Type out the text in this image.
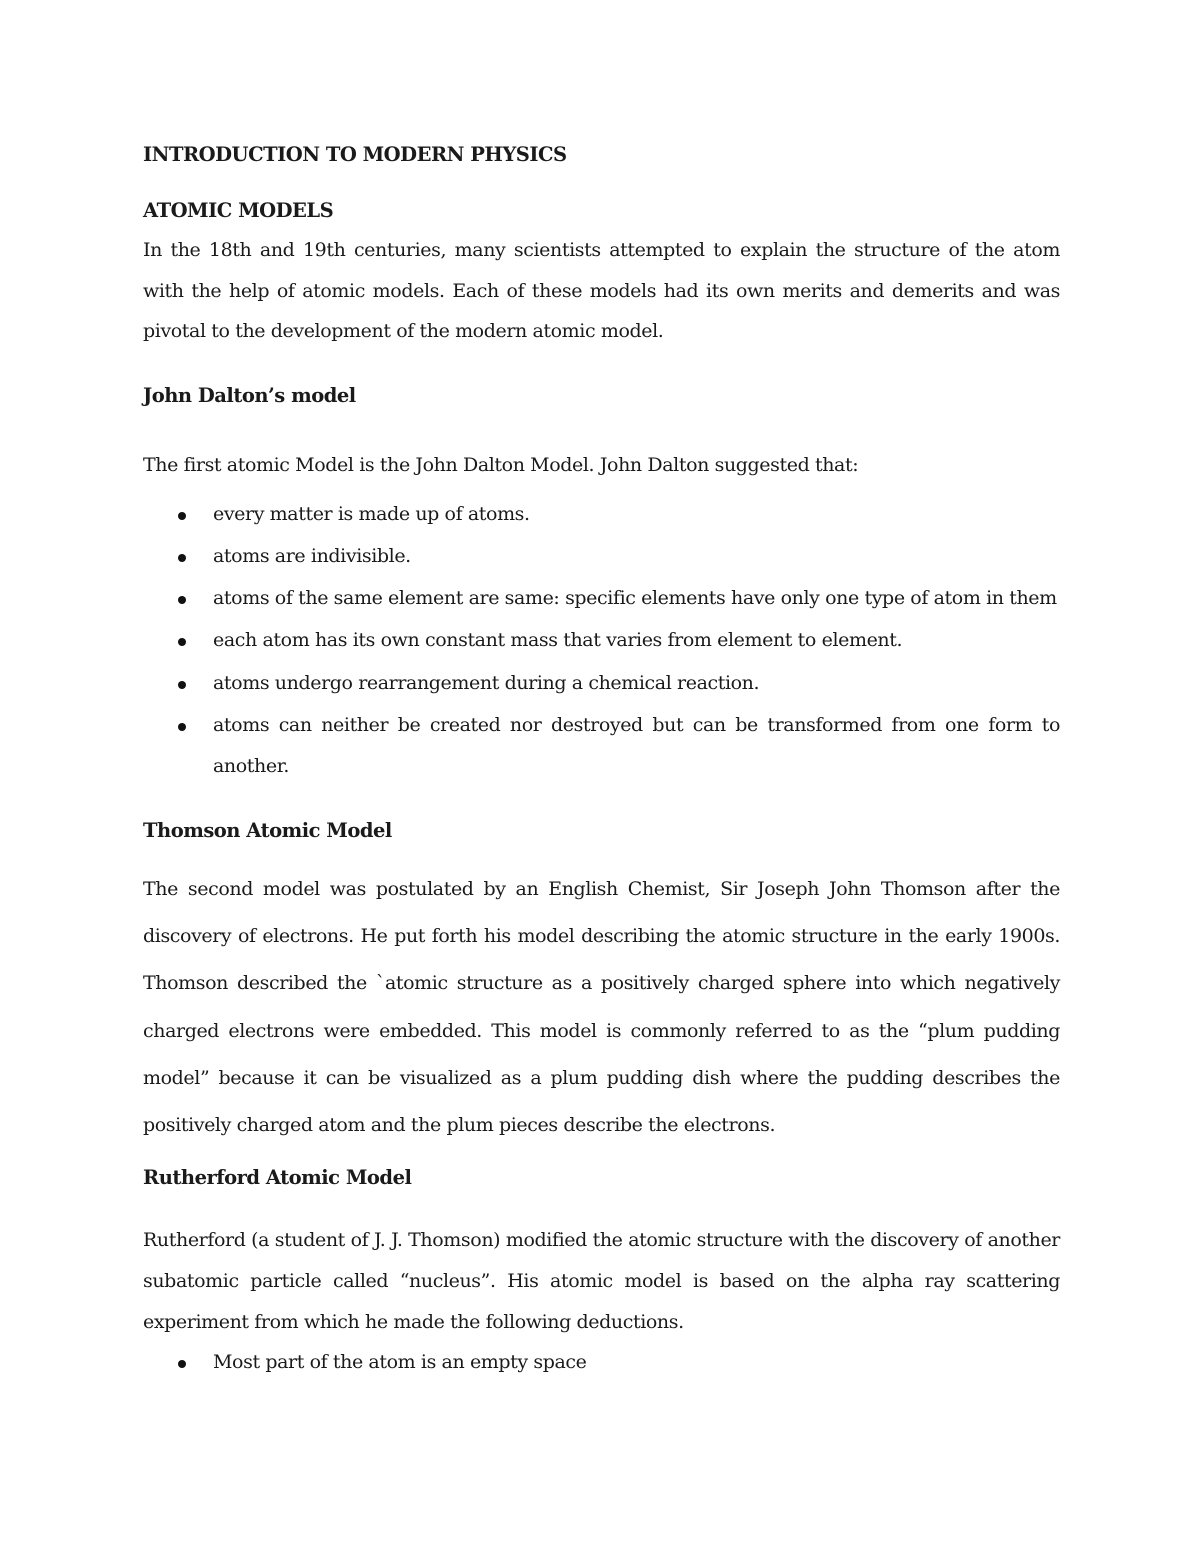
INTRODUCTION TO MODERN PHYSICS
ATOMIC MODELS

In the 18th and 19th centuries, many scientists attempted to explain the structure of the atom with the help of atomic models. Each of these models had its own merits and demerits and was pivotal to the development of the modern atomic model.

John Dalton’s model

The first atomic Model is the John Dalton Model. John Dalton suggested that:

every matter is made up of atoms.

atoms are indivisible.

atoms of the same element are same: specific elements have only one type of atom in them

each atom has its own constant mass that varies from element to element.

atoms undergo rearrangement during a chemical reaction.

atoms can neither be created nor destroyed but can be transformed from one form to another.

Thomson Atomic Model

The second model was postulated by an English Chemist, Sir Joseph John Thomson after the discovery of electrons. He put forth his model describing the atomic structure in the early 1900s. Thomson described the `atomic structure as a positively charged sphere into which negatively charged electrons were embedded. This model is commonly referred to as the “plum pudding model” because it can be visualized as a plum pudding dish where the pudding describes the positively charged atom and the plum pieces describe the electrons.

Rutherford Atomic Model

Rutherford (a student of J. J. Thomson) modified the atomic structure with the discovery of another subatomic particle called “nucleus”. His atomic model is based on the alpha ray scattering experiment from which he made the following deductions.

Most part of the atom is an empty space
